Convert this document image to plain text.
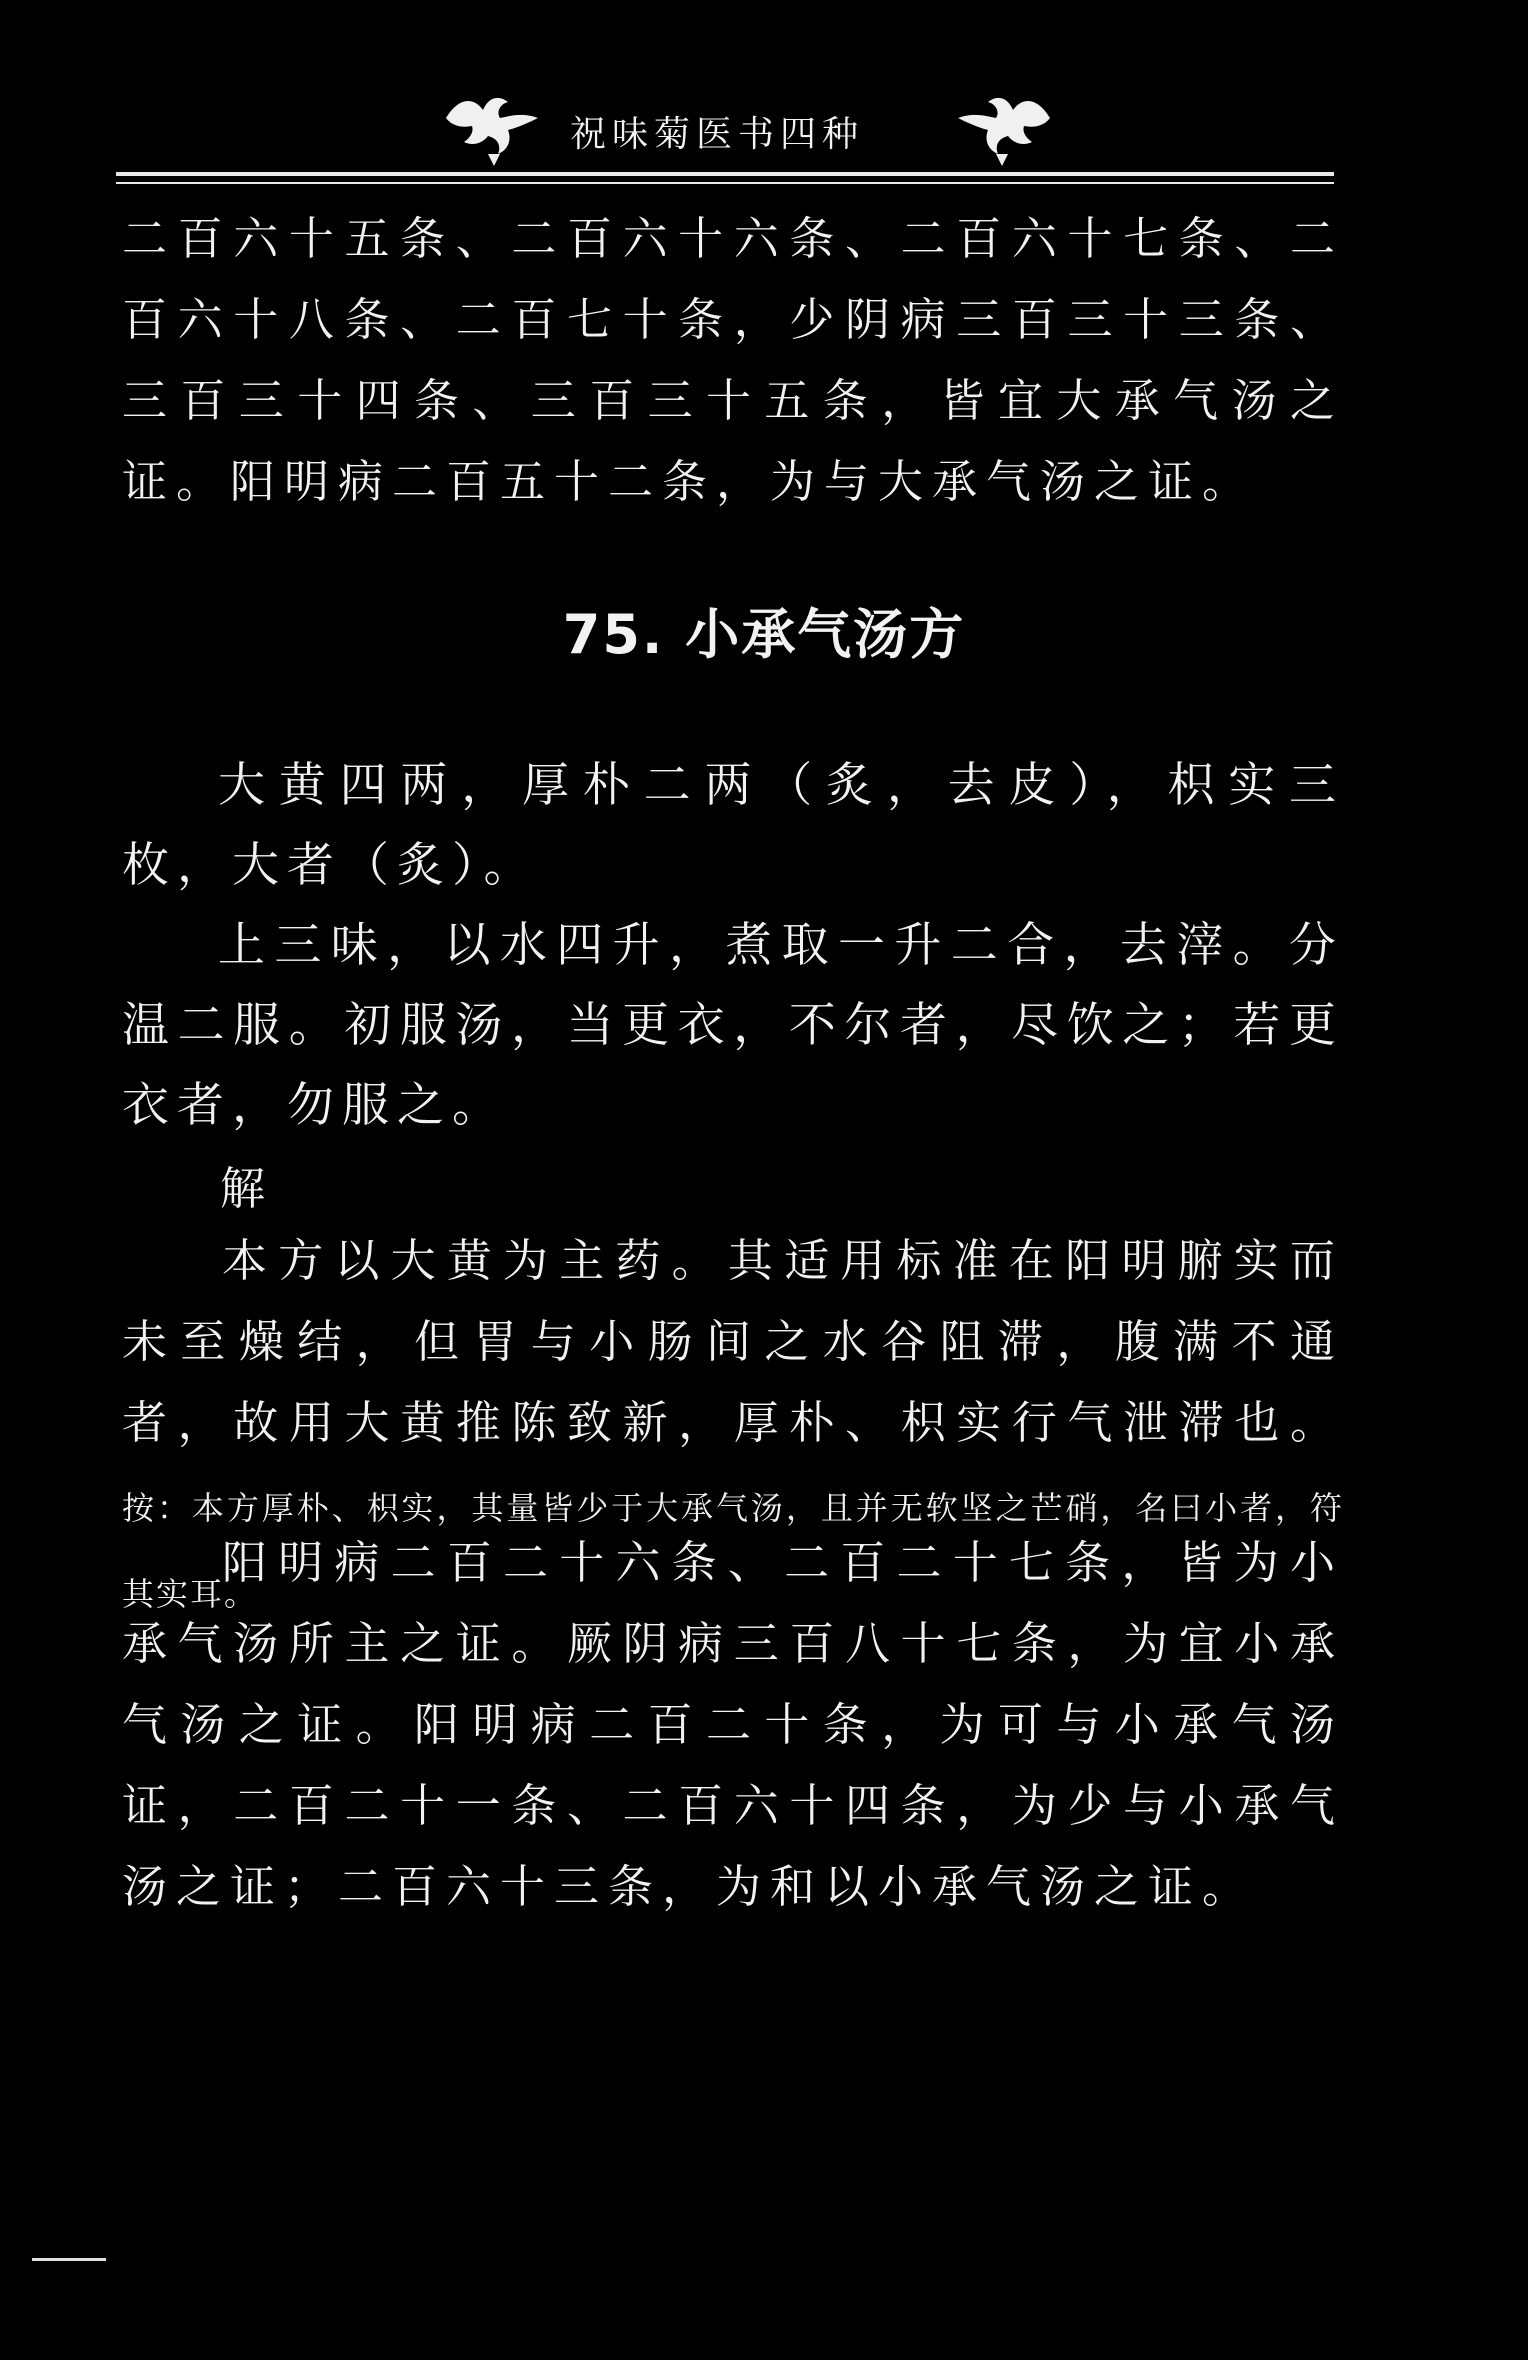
祝味菊医书四种

二百六十五条、二百六十六条、二百六十七条、二百六十八条、二百七十条，少阴病三百三十三条、三百三十四条、三百三十五条，皆宜大承气汤之证。阳明病二百五十二条，为与大承气汤之证。

75. 小承气汤方

大黄四两，厚朴二两（炙，去皮），枳实三枚，大者（炙）。

上三味，以水四升，煮取一升二合，去滓。分温二服。初服汤，当更衣，不尔者，尽饮之；若更衣者，勿服之。

解

本方以大黄为主药。其适用标准在阳明腑实而未至燥结，但胃与小肠间之水谷阻滞，腹满不通者，故用大黄推陈致新，厚朴、枳实行气泄滞也。按：本方厚朴、枳实，其量皆少于大承气汤，且并无软坚之芒硝，名曰小者，符其实耳。

阳明病二百二十六条、二百二十七条，皆为小承气汤所主之证。厥阴病三百八十七条，为宜小承气汤之证。阳明病二百二十条，为可与小承气汤证，二百二十一条、二百六十四条，为少与小承气汤之证；二百六十三条，为和以小承气汤之证。
